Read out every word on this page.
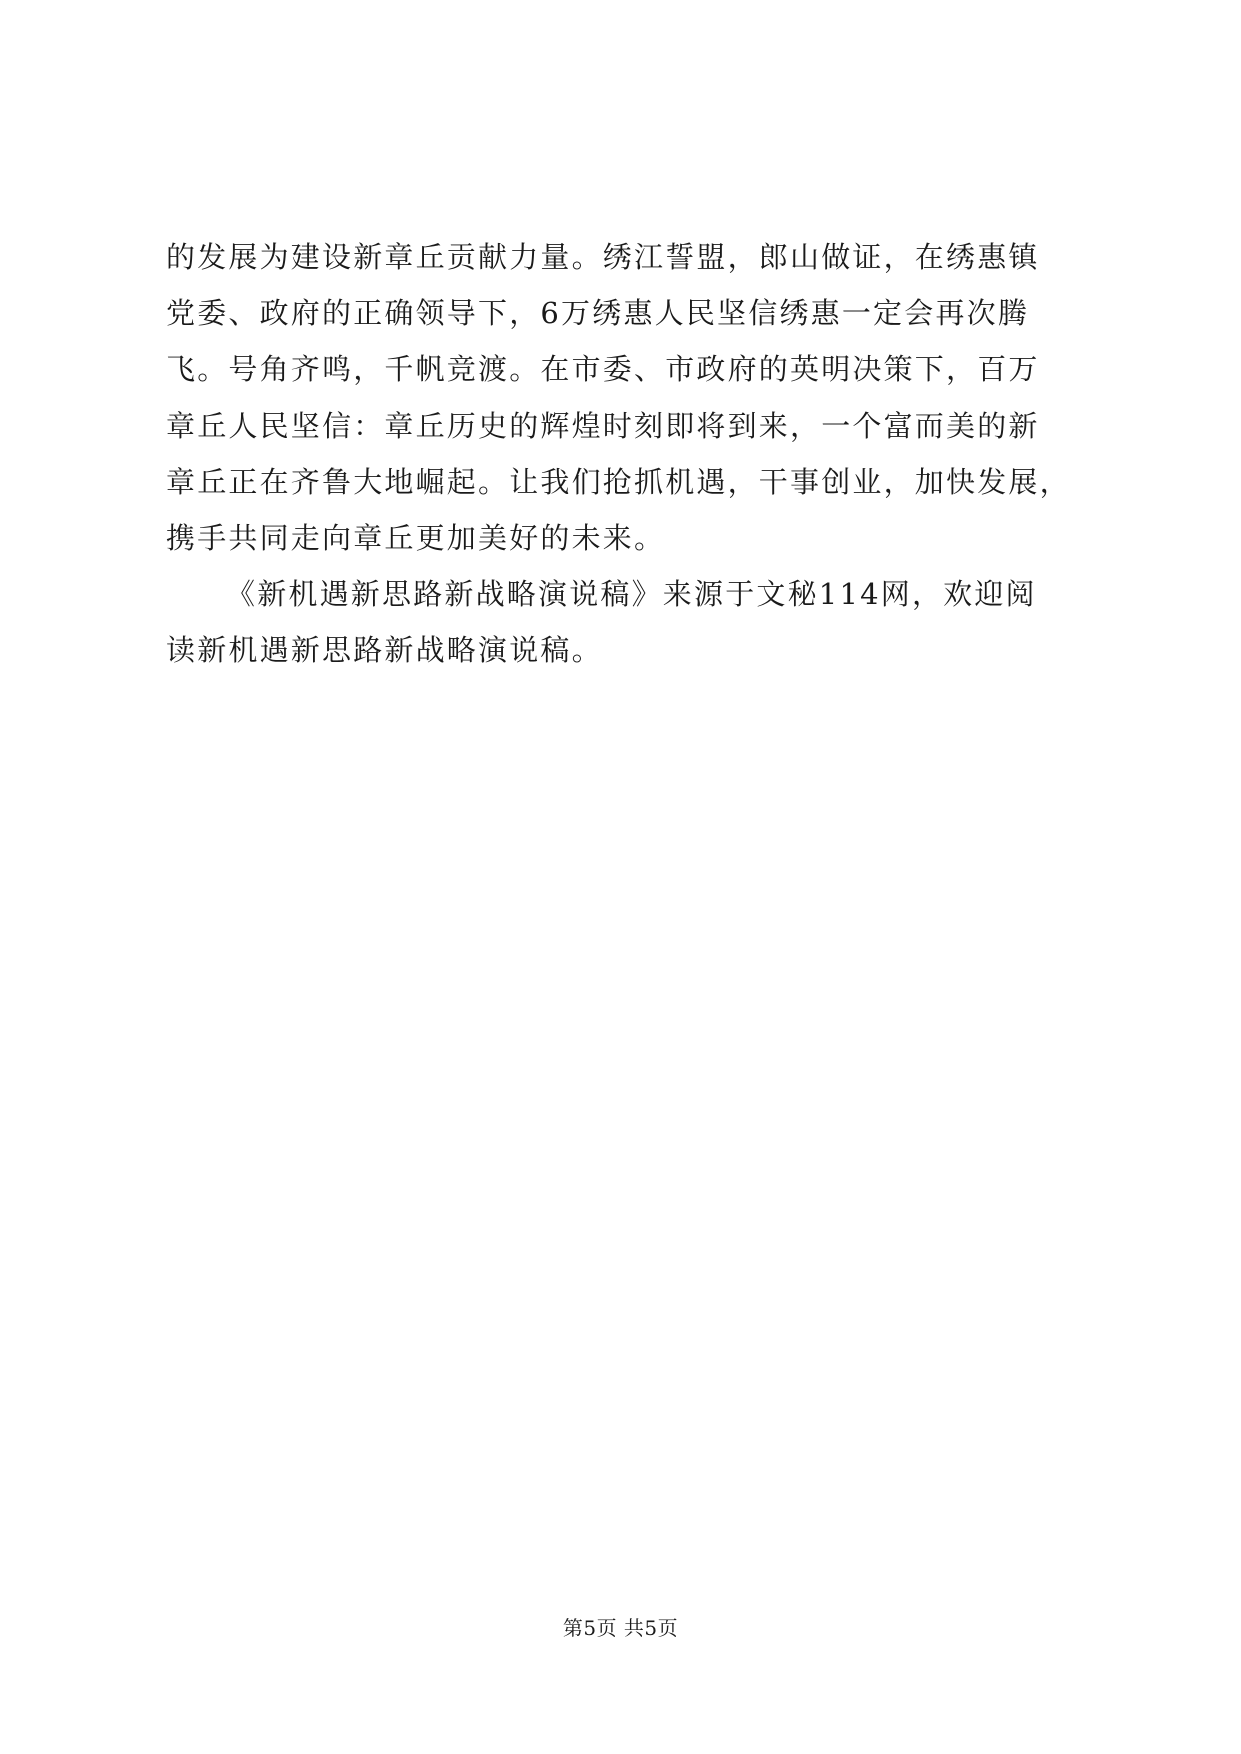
的发展为建设新章丘贡献力量。绣江誓盟，郎山做证，在绣惠镇
党委、政府的正确领导下，6万绣惠人民坚信绣惠一定会再次腾
飞。号角齐鸣，千帆竞渡。在市委、市政府的英明决策下，百万
章丘人民坚信：章丘历史的辉煌时刻即将到来，一个富而美的新
章丘正在齐鲁大地崛起。让我们抢抓机遇，干事创业，加快发展，
携手共同走向章丘更加美好的未来。

《新机遇新思路新战略演说稿》来源于文秘114网，欢迎阅
读新机遇新思路新战略演说稿。

第5页 共5页
